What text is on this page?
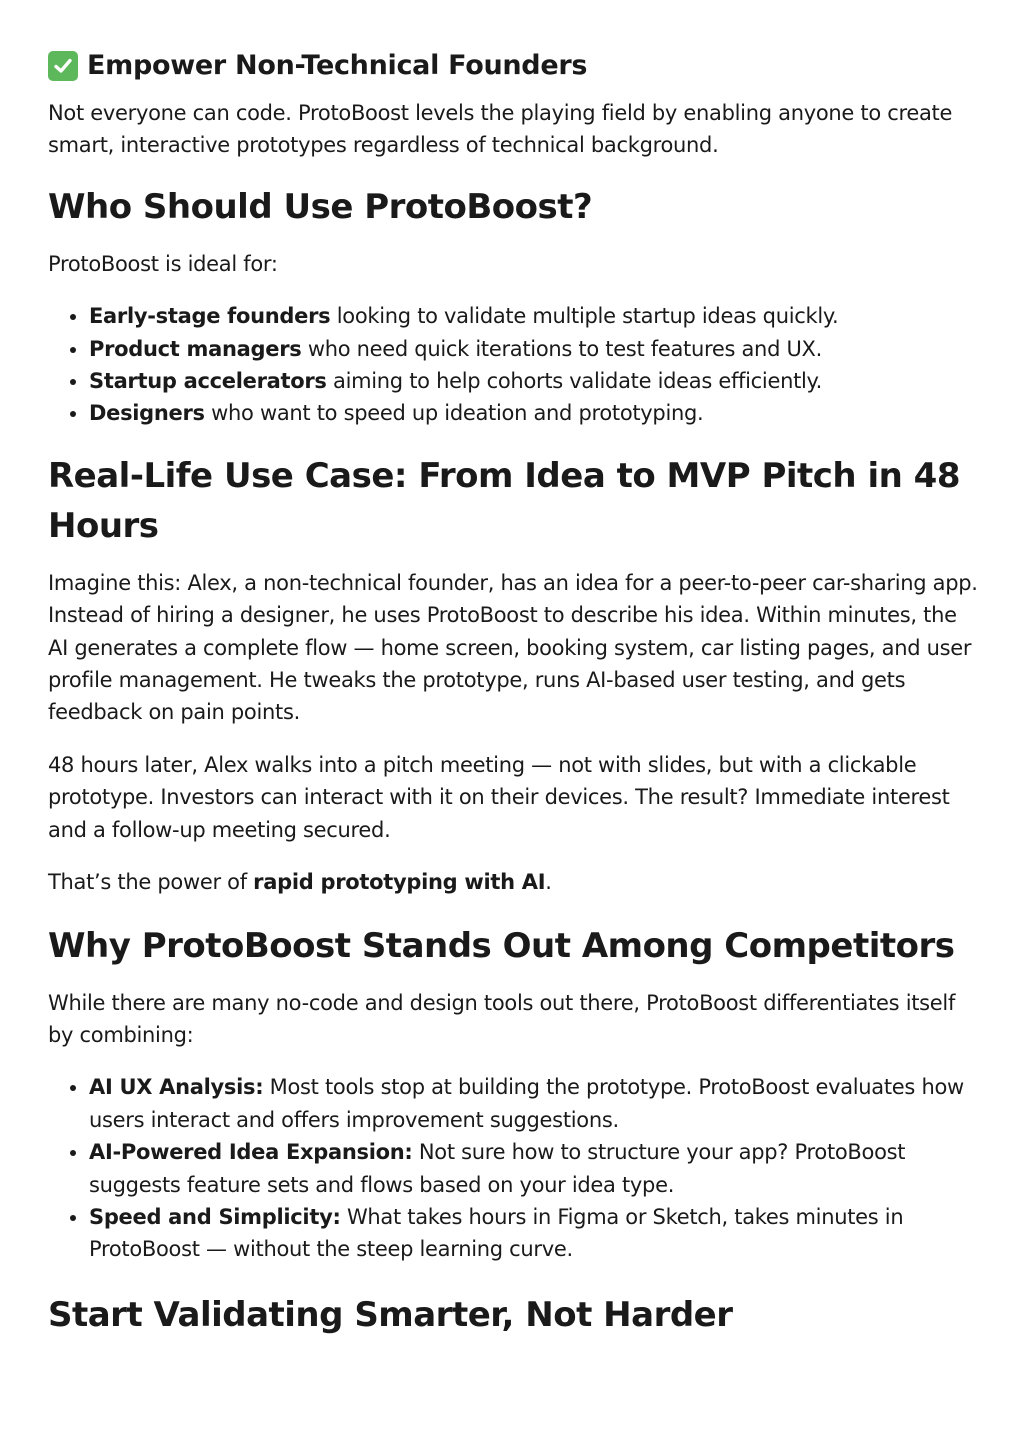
Empower Non-Technical Founders

Not everyone can code. ProtoBoost levels the playing field by enabling anyone to create smart, interactive prototypes regardless of technical background.

Who Should Use ProtoBoost?

ProtoBoost is ideal for:

• Early-stage founders looking to validate multiple startup ideas quickly.
• Product managers who need quick iterations to test features and UX.
• Startup accelerators aiming to help cohorts validate ideas efficiently.
• Designers who want to speed up ideation and prototyping.
Real-Life Use Case: From Idea to MVP Pitch in 48 Hours

Imagine this: Alex, a non-technical founder, has an idea for a peer-to-peer car-sharing app. Instead of hiring a designer, he uses ProtoBoost to describe his idea. Within minutes, the AI generates a complete flow — home screen, booking system, car listing pages, and user profile management. He tweaks the prototype, runs AI-based user testing, and gets feedback on pain points.

48 hours later, Alex walks into a pitch meeting — not with slides, but with a clickable prototype. Investors can interact with it on their devices. The result? Immediate interest and a follow-up meeting secured.

That’s the power of rapid prototyping with AI.

Why ProtoBoost Stands Out Among Competitors

While there are many no-code and design tools out there, ProtoBoost differentiates itself by combining:

• AI UX Analysis: Most tools stop at building the prototype. ProtoBoost evaluates how users interact and offers improvement suggestions.
• AI-Powered Idea Expansion: Not sure how to structure your app? ProtoBoost suggests feature sets and flows based on your idea type.
• Speed and Simplicity: What takes hours in Figma or Sketch, takes minutes in ProtoBoost — without the steep learning curve.
Start Validating Smarter, Not Harder
